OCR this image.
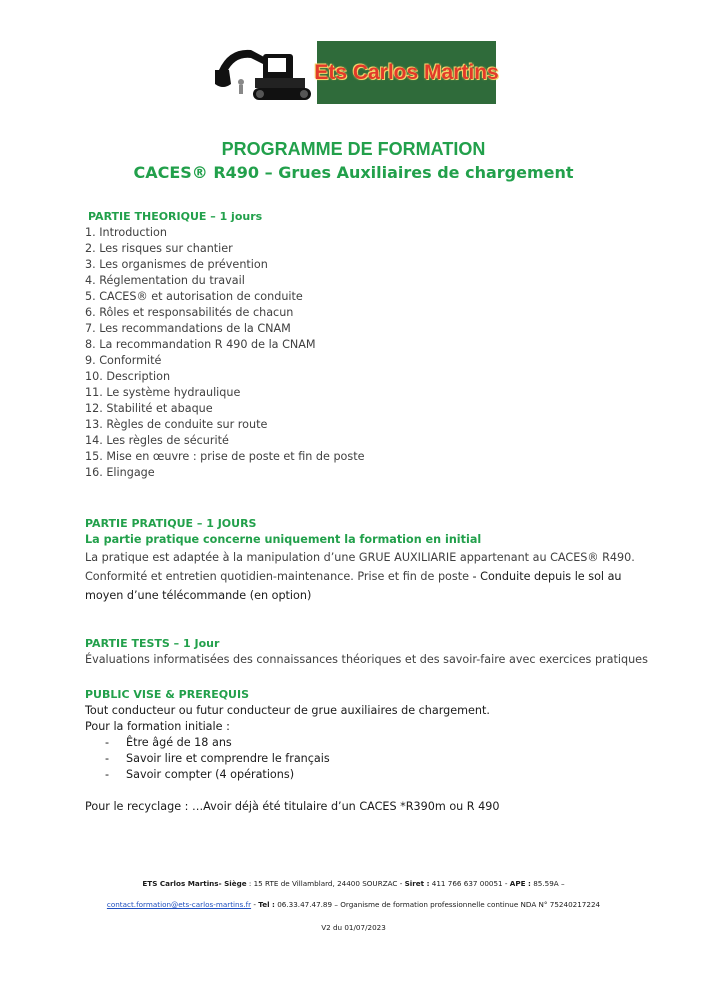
Ets Carlos Martins
PROGRAMME DE FORMATION
CACES® R490 – Grues Auxiliaires de chargement
PARTIE THEORIQUE – 1 jours
1. Introduction
2. Les risques sur chantier
3. Les organismes de prévention
4. Réglementation du travail
5. CACES® et autorisation de conduite
6. Rôles et responsabilités de chacun
7. Les recommandations de la CNAM
8. La recommandation R 490 de la CNAM
9. Conformité
10. Description
11. Le système hydraulique
12. Stabilité et abaque
13. Règles de conduite sur route
14. Les règles de sécurité
15. Mise en œuvre : prise de poste et fin de poste
16. Elingage
PARTIE PRATIQUE – 1 JOURS
La partie pratique concerne uniquement la formation en initial
La pratique est adaptée à la manipulation d’une GRUE AUXILIARIE appartenant au CACES® R490.
Conformité et entretien quotidien-maintenance. Prise et fin de poste - Conduite depuis le sol au
moyen d’une télécommande (en option)
PARTIE TESTS – 1 Jour
Évaluations informatisées des connaissances théoriques et des savoir-faire avec exercices pratiques
PUBLIC VISE & PREREQUIS
Tout conducteur ou futur conducteur de grue auxiliaires de chargement.
Pour la formation initiale :
- Être âgé de 18 ans
- Savoir lire et comprendre le français
- Savoir compter (4 opérations)
Pour le recyclage : …Avoir déjà été titulaire d’un CACES *R390m ou R 490
ETS Carlos Martins- Siège : 15 RTE de Villamblard, 24400 SOURZAC - Siret : 411 766 637 00051 - APE : 85.59A –
contact.formation@ets-carlos-martins.fr - Tel : 06.33.47.47.89 – Organisme de formation professionnelle continue NDA N° 75240217224
V2 du 01/07/2023
